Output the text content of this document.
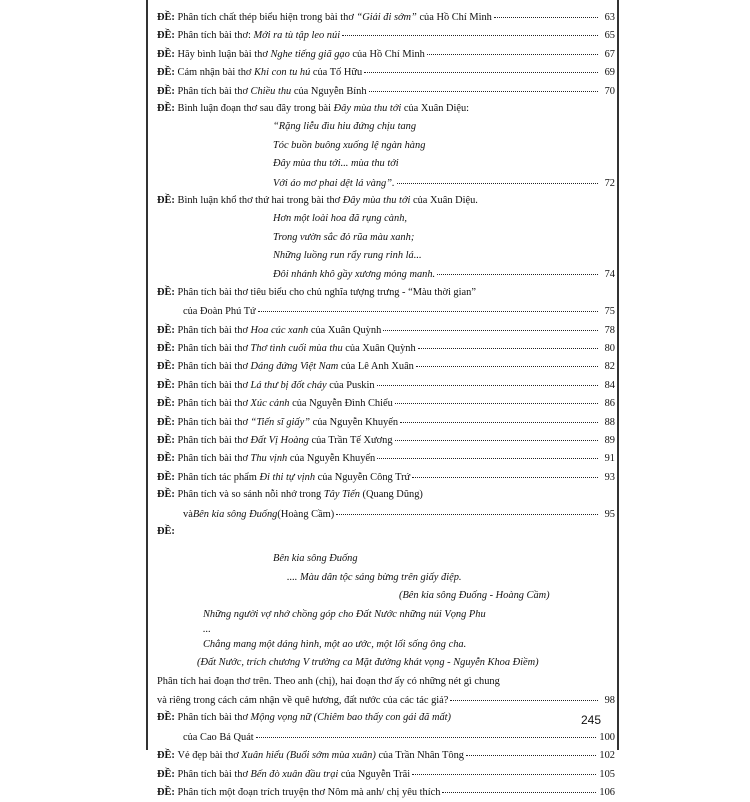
ĐỀ:
Phân tích chất thép biểu hiện trong bài thơ “Giải đi sớm” của Hồ Chí Minh	63
ĐỀ:
Phân tích bài thơ: Mới ra tù tập leo núi	65
ĐỀ:
Hãy bình luận bài thơ Nghe tiếng giã gạo của Hồ Chí Minh	67
ĐỀ:
Cảm nhận bài thơ Khi con tu hú của Tố Hữu	69
ĐỀ:
Phân tích bài thơ Chiều thu của Nguyễn Bính	70
ĐỀ:
Bình luận đoạn thơ sau đây trong bài Đây mùa thu tới của Xuân Diệu:
“Rặng liễu đìu hiu đứng chịu tang
Tóc buồn buông xuống lệ ngàn hàng
Đây mùa thu tới... mùa thu tới
Với áo mơ phai dệt lá vàng”.	72
ĐỀ:
Bình luận khổ thơ thứ hai trong bài thơ Đây mùa thu tới của Xuân Diệu.
Hơn một loài hoa đã rụng cành,
Trong vườn sắc đỏ rũa màu xanh;
Những luồng run rẩy rung rinh lá...
Đôi nhánh khô gầy xương mỏng manh.	74
ĐỀ:
Phân tích bài thơ tiêu biểu cho chủ nghĩa tượng trưng - “Màu thời gian”
của Đoàn Phú Tứ	75
ĐỀ:
Phân tích bài thơ Hoa cúc xanh của Xuân Quỳnh	78
ĐỀ:
Phân tích bài thơ Thơ tình cuối mùa thu của Xuân Quỳnh	80
ĐỀ:
Phân tích bài thơ Dáng đứng Việt Nam của Lê Anh Xuân	82
ĐỀ:
Phân tích bài thơ Lá thư bị đốt cháy của Puskin	84
ĐỀ:
Phân tích bài thơ Xúc cảnh của Nguyễn Đình Chiểu	86
ĐỀ:
Phân tích bài thơ “Tiến sĩ giấy” của Nguyễn Khuyến	88
ĐỀ:
Phân tích bài thơ Đất Vị Hoàng của Trần Tế Xương	89
ĐỀ:
Phân tích bài thơ Thu vịnh của Nguyễn Khuyến	91
ĐỀ:
Phân tích tác phẩm Đi thi tự vịnh của Nguyễn Công Trứ	93
ĐỀ:
Phân tích và so sánh nỗi nhớ trong Tây Tiến (Quang Dũng)
và Bên kia sông Đuống (Hoàng Cầm)	95
ĐỀ:
Bên kia sông Đuống
.... Màu dân tộc sáng bừng trên giấy điệp.
(Bên kia sông Đuống - Hoàng Cầm)
Những người vợ nhớ chồng góp cho Đất Nước những núi Vọng Phu
...
Chẳng mang một dáng hình, một ao ước, một lối sống ông cha.
(Đất Nước, trích chương V trường ca Mặt đường khát vọng - Nguyễn Khoa Điềm)
Phân tích hai đoạn thơ trên. Theo anh (chị), hai đoạn thơ ấy có những nét gì chung
và riêng trong cách cảm nhận về quê hương, đất nước của các tác giả?	98
ĐỀ:
Phân tích bài thơ Mộng vọng nữ (Chiêm bao thấy con gái đã mất)
của Cao Bá Quát	100
ĐỀ:
Vẻ đẹp bài thơ Xuân hiểu (Buổi sớm mùa xuân) của Trần Nhân Tông	102
ĐỀ:
Phân tích bài thơ Bến đò xuân đầu trại của Nguyễn Trãi	105
ĐỀ:
Phân tích một đoạn trích truyện thơ Nôm mà anh/ chị yêu thích	106
245
